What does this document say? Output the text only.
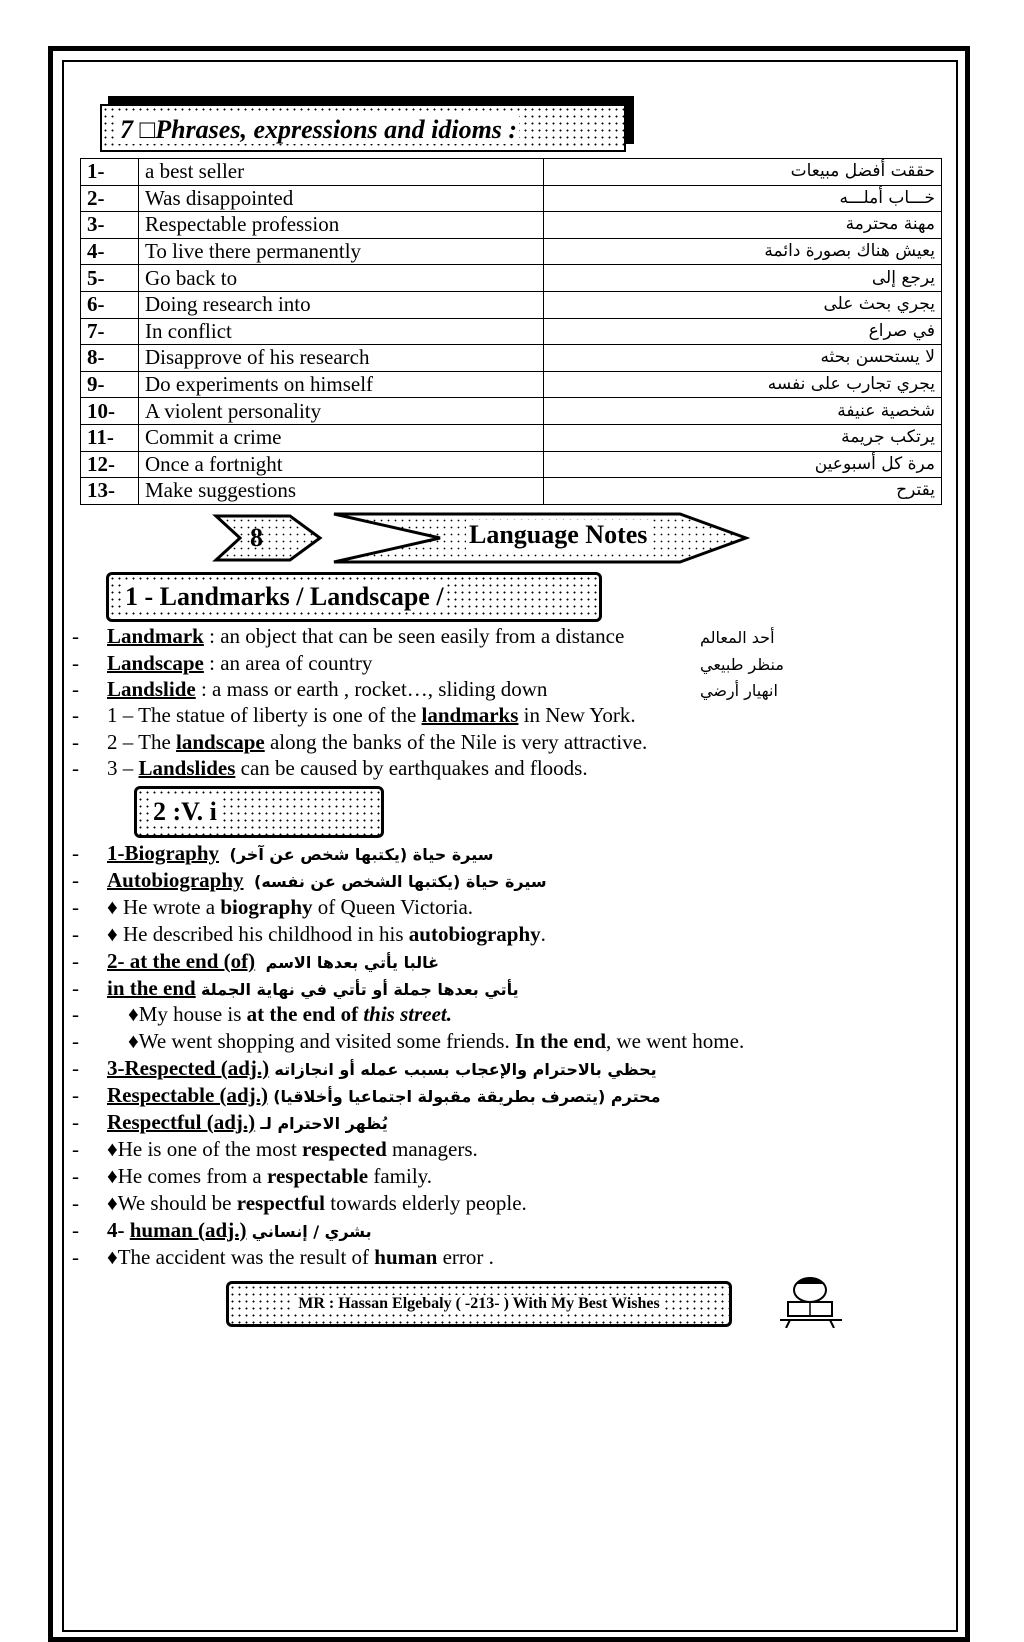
7 □Phrases, expressions and idioms :
1-	a best seller	حققت أفضل مبيعات
2-	Was disappointed	خـــاب أملـــه
3-	Respectable profession	مهنة محترمة
4-	To live there permanently	يعيش هناك بصورة دائمة
5-	Go back to	يرجع إلى
6-	Doing research into	يجري بحث على
7-	In conflict	في صراع
8-	Disapprove of his research	لا يستحسن بحثه
9-	Do experiments on himself	يجري تجارب على نفسه
10-	A violent personality	شخصية عنيفة
11-	Commit a crime	يرتكب جريمة
12-	Once a fortnight	مرة كل أسبوعين
13-	Make suggestions	يقترح
8	Language Notes
1 - Landmarks / Landscape /
- Landmark : an object that can be seen easily from a distance	أحد المعالم
- Landscape : an area of country	منظر طبيعي
- Landslide : a mass or earth , rocket…, sliding down	انهيار أرضي
- 1 – The statue of liberty is one of the landmarks in New York.
- 2 – The landscape along the banks of the Nile is very attractive.
- 3 – Landslides can be caused by earthquakes and floods.
2 :V. i
- 1-Biography سيرة حياة (يكتبها شخص عن آخر)
- Autobiography سيرة حياة (يكتبها الشخص عن نفسه)
- ♦ He wrote a biography of Queen Victoria.
- ♦ He described his childhood in his autobiography.
- 2- at the end (of) غالبا يأتي بعدها الاسم
- in the end يأتي بعدها جملة أو تأتي في نهاية الجملة
- ♦My house is at the end of this street.
- ♦We went shopping and visited some friends. In the end, we went home.
- 3-Respected (adj.) يحظي بالاحترام والإعجاب بسبب عمله أو انجازاته
- Respectable (adj.) محترم (يتصرف بطريقة مقبولة اجتماعيا وأخلاقيا)
- Respectful (adj.) يُظهر الاحترام لـ
- ♦He is one of the most respected managers.
- ♦He comes from a respectable family.
- ♦We should be respectful towards elderly people.
- 4- human (adj.) بشري / إنساني
- ♦The accident was the result of human error .
MR : Hassan Elgebaly ( -213- ) With My Best Wishes
